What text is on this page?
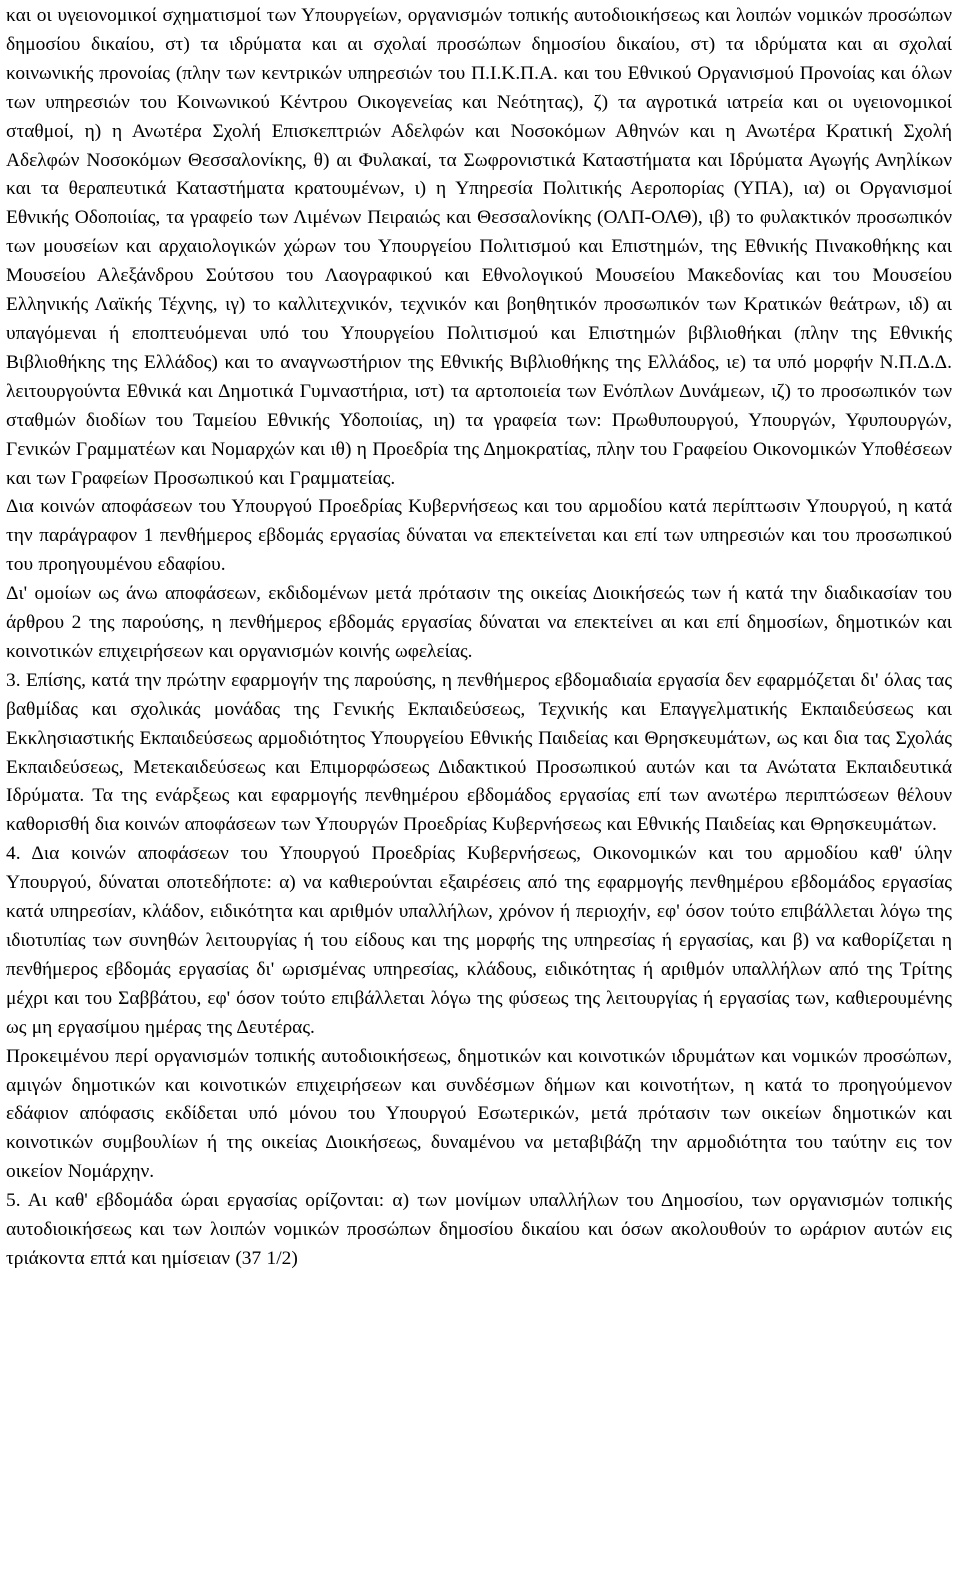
και οι υγειονομικοί σχηματισμοί των Υπουργείων, οργανισμών τοπικής αυτοδιοικήσεως και λοιπών νομικών προσώπων δημοσίου δικαίου, στ) τα ιδρύματα και αι σχολαί προσώπων δημοσίου δικαίου, στ) τα ιδρύματα και αι σχολαί κοινωνικής προνοίας (πλην των κεντρικών υπηρεσιών του Π.Ι.Κ.Π.Α. και του Εθνικού Οργανισμού Προνοίας και όλων των υπηρεσιών του Κοινωνικού Κέντρου Οικογενείας και Νεότητας), ζ) τα αγροτικά ιατρεία και οι υγειονομικοί σταθμοί, η) η Ανωτέρα Σχολή Επισκεπτριών Αδελφών και Νοσοκόμων Αθηνών και η Ανωτέρα Κρατική Σχολή Αδελφών Νοσοκόμων Θεσσαλονίκης, θ) αι Φυλακαί, τα Σωφρονιστικά Καταστήματα και Ιδρύματα Αγωγής Ανηλίκων και τα θεραπευτικά Καταστήματα κρατουμένων, ι) η Υπηρεσία Πολιτικής Αεροπορίας (ΥΠΑ), ια) οι Οργανισμοί Εθνικής Οδοποιίας, τα γραφείο των Λιμένων Πειραιώς και Θεσσαλονίκης (ΟΛΠ-ΟΛΘ), ιβ) το φυλακτικόν προσωπικόν των μουσείων και αρχαιολογικών χώρων του Υπουργείου Πολιτισμού και Επιστημών, της Εθνικής Πινακοθήκης και Μουσείου Αλεξάνδρου Σούτσου του Λαογραφικού και Εθνολογικού Μουσείου Μακεδονίας και του Μουσείου Ελληνικής Λαϊκής Τέχνης, ιγ) το καλλιτεχνικόν, τεχνικόν και βοηθητικόν προσωπικόν των Κρατικών θεάτρων, ιδ) αι υπαγόμεναι ή εποπτευόμεναι υπό του Υπουργείου Πολιτισμού και Επιστημών βιβλιοθήκαι (πλην της Εθνικής Βιβλιοθήκης της Ελλάδος) και το αναγνωστήριον της Εθνικής Βιβλιοθήκης της Ελλάδος, ιε) τα υπό μορφήν Ν.Π.Δ.Δ. λειτουργούντα Εθνικά και Δημοτικά Γυμναστήρια, ιστ) τα αρτοποιεία των Ενόπλων Δυνάμεων, ιζ) το προσωπικόν των σταθμών διοδίων του Ταμείου Εθνικής Υδοποιίας, ιη) τα γραφεία των: Πρωθυπουργού, Υπουργών, Υφυπουργών, Γενικών Γραμματέων και Νομαρχών και ιθ) η Προεδρία της Δημοκρατίας, πλην του Γραφείου Οικονομικών Υποθέσεων και των Γραφείων Προσωπικού και Γραμματείας.

Δια κοινών αποφάσεων του Υπουργού Προεδρίας Κυβερνήσεως και του αρμοδίου κατά περίπτωσιν Υπουργού, η κατά την παράγραφον 1 πενθήμερος εβδομάς εργασίας δύναται να επεκτείνεται και επί των υπηρεσιών και του προσωπικού του προηγουμένου εδαφίου.

Δι' ομοίων ως άνω αποφάσεων, εκδιδομένων μετά πρότασιν της οικείας Διοικήσεώς των ή κατά την διαδικασίαν του άρθρου 2 της παρούσης, η πενθήμερος εβδομάς εργασίας δύναται να επεκτείνει αι και επί δημοσίων, δημοτικών και κοινοτικών επιχειρήσεων και οργανισμών κοινής ωφελείας.

3. Επίσης, κατά την πρώτην εφαρμογήν της παρούσης, η πενθήμερος εβδομαδιαία εργασία δεν εφαρμόζεται δι' όλας τας βαθμίδας και σχολικάς μονάδας της Γενικής Εκπαιδεύσεως, Τεχνικής και Επαγγελματικής Εκπαιδεύσεως και Εκκλησιαστικής Εκπαιδεύσεως αρμοδιότητος Υπουργείου Εθνικής Παιδείας και Θρησκευμάτων, ως και δια τας Σχολάς Εκπαιδεύσεως, Μετεκαιδεύσεως και Επιμορφώσεως Διδακτικού Προσωπικού αυτών και τα Ανώτατα Εκπαιδευτικά Ιδρύματα. Τα της ενάρξεως και εφαρμογής πενθημέρου εβδομάδος εργασίας επί των ανωτέρω περιπτώσεων θέλουν καθορισθή δια κοινών αποφάσεων των Υπουργών Προεδρίας Κυβερνήσεως και Εθνικής Παιδείας και Θρησκευμάτων.

4. Δια κοινών αποφάσεων του Υπουργού Προεδρίας Κυβερνήσεως, Οικονομικών και του αρμοδίου καθ' ύλην Υπουργού, δύναται οποτεδήποτε: α) να καθιερούνται εξαιρέσεις από της εφαρμογής πενθημέρου εβδομάδος εργασίας κατά υπηρεσίαν, κλάδον, ειδικότητα και αριθμόν υπαλλήλων, χρόνον ή περιοχήν, εφ' όσον τούτο επιβάλλεται λόγω της ιδιοτυπίας των συνηθών λειτουργίας ή του είδους και της μορφής της υπηρεσίας ή εργασίας, και β) να καθορίζεται η πενθήμερος εβδομάς εργασίας δι' ωρισμένας υπηρεσίας, κλάδους, ειδικότητας ή αριθμόν υπαλλήλων από της Τρίτης μέχρι και του Σαββάτου, εφ' όσον τούτο επιβάλλεται λόγω της φύσεως της λειτουργίας ή εργασίας των, καθιερουμένης ως μη εργασίμου ημέρας της Δευτέρας.

Προκειμένου περί οργανισμών τοπικής αυτοδιοικήσεως, δημοτικών και κοινοτικών ιδρυμάτων και νομικών προσώπων, αμιγών δημοτικών και κοινοτικών επιχειρήσεων και συνδέσμων δήμων και κοινοτήτων, η κατά το προηγούμενον εδάφιον απόφασις εκδίδεται υπό μόνου του Υπουργού Εσωτερικών, μετά πρότασιν των οικείων δημοτικών και κοινοτικών συμβουλίων ή της οικείας Διοικήσεως, δυναμένου να μεταβιβάζη την αρμοδιότητα του ταύτην εις τον οικείον Νομάρχην.

5. Αι καθ' εβδομάδα ώραι εργασίας ορίζονται: α) των μονίμων υπαλλήλων του Δημοσίου, των οργανισμών τοπικής αυτοδιοικήσεως και των λοιπών νομικών προσώπων δημοσίου δικαίου και όσων ακολουθούν το ωράριον αυτών εις τριάκοντα επτά και ημίσειαν (37 1/2)
